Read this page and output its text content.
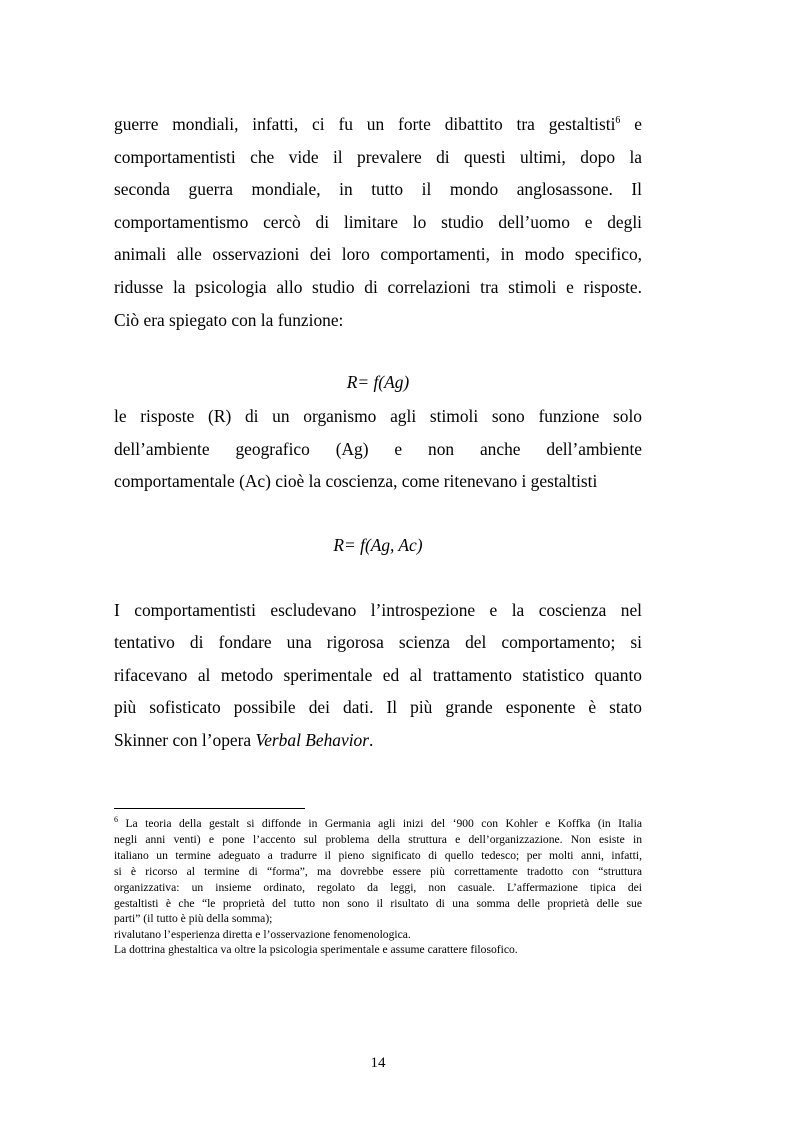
guerre mondiali, infatti, ci fu un forte dibattito tra gestaltisti$^6$ e
comportamentisti che vide il prevalere di questi ultimi, dopo la
seconda guerra mondiale, in tutto il mondo anglosassone. Il
comportamentismo cercò di limitare lo studio dell’uomo e degli
animali alle osservazioni dei loro comportamenti, in modo specifico,
ridusse la psicologia allo studio di correlazioni tra stimoli e risposte.
Ciò era spiegato con la funzione:
R= f(Ag)
le risposte (R) di un organismo agli stimoli sono funzione solo
dell’ambiente geografico (Ag) e non anche dell’ambiente
comportamentale (Ac) cioè la coscienza, come ritenevano i gestaltisti
R= f(Ag, Ac)
I comportamentisti escludevano l’introspezione e la coscienza nel
tentativo di fondare una rigorosa scienza del comportamento; si
rifacevano al metodo sperimentale ed al trattamento statistico quanto
più sofisticato possibile dei dati. Il più grande esponente è stato
Skinner con l’opera Verbal Behavior.
$^6$ La teoria della gestalt si diffonde in Germania agli inizi del ‘900 con Kohler e Koffka (in Italia
negli anni venti) e pone l’accento sul problema della struttura e dell’organizzazione. Non esiste in
italiano un termine adeguato a tradurre il pieno significato di quello tedesco; per molti anni, infatti,
si è ricorso al termine di “forma”, ma dovrebbe essere più correttamente tradotto con “struttura
organizzativa: un insieme ordinato, regolato da leggi, non casuale. L’affermazione tipica dei
gestaltisti è che “le proprietà del tutto non sono il risultato di una somma delle proprietà delle sue
parti” (il tutto è più della somma);
rivalutano l’esperienza diretta e l’osservazione fenomenologica.
La dottrina ghestaltica va oltre la psicologia sperimentale e assume carattere filosofico.
14
